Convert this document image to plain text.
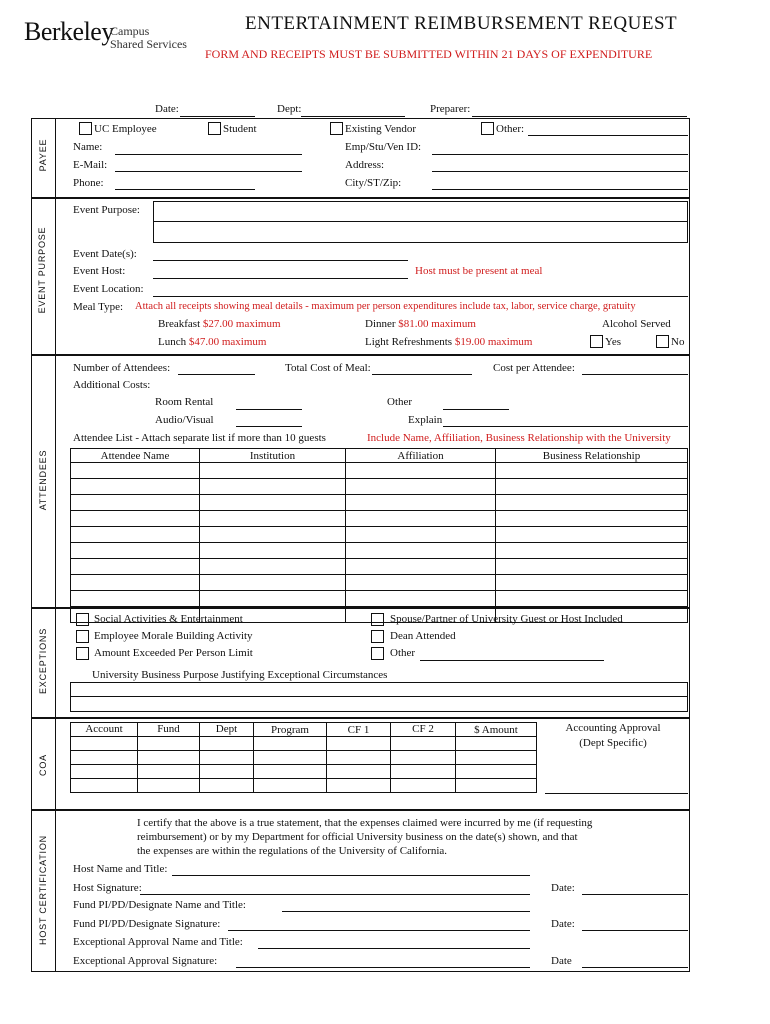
Berkeley
Campus
Shared Services
ENTERTAINMENT REIMBURSEMENT REQUEST
FORM AND RECEIPTS MUST BE SUBMITTED WITHIN 21 DAYS OF EXPENDITURE
Date:	Dept:	Preparer:
PAYEE
UC Employee	Student	Existing Vendor	Other:
Name:
E-Mail:
Phone:
Emp/Stu/Ven ID:
Address:
City/ST/Zip:
EVENT PURPOSE
Event Purpose:
Event Date(s):
Event Host:	Host must be present at meal
Event Location:
Meal Type: Attach all receipts showing meal details - maximum per person expenditures include tax, labor, service charge, gratuity
Breakfast $27.00 maximum
Lunch $47.00 maximum
Dinner $81.00 maximum
Light Refreshments $19.00 maximum
Alcohol Served
Yes	No
ATTENDEES
Number of Attendees:	Total Cost of Meal:	Cost per Attendee:
Additional Costs:
Room Rental
Audio/Visual
Other
Explain
Attendee List - Attach separate list if more than 10 guests	Include Name, Affiliation, Business Relationship with the University
Attendee Name	Institution	Affiliation	Business Relationship

EXCEPTIONS
Social Activities & Entertainment
Employee Morale Building Activity
Amount Exceeded Per Person Limit
Spouse/Partner of University Guest or Host Included
Dean Attended
Other
University Business Purpose Justifying Exceptional Circumstances
COA
Account	Fund	Dept	Program	CF 1	CF 2	$ Amount

							Accounting Approval
(Dept Specific)
HOST CERTIFICATION
I certify that the above is a true statement, that the expenses claimed were incurred by me (if requesting
reimbursement) or by my Department for official University business on the date(s) shown, and that
the expenses are within the regulations of the University of California.
Host Name and Title:
Host Signature:	Date:
Fund PI/PD/Designate Name and Title:
Fund PI/PD/Designate Signature:	Date:
Exceptional Approval Name and Title:
Exceptional Approval Signature:	Date
